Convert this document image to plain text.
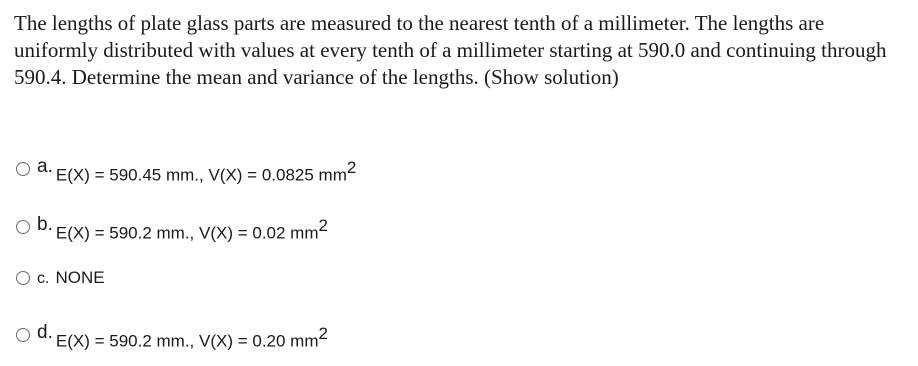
The lengths of plate glass parts are measured to the nearest tenth of a millimeter. The lengths are uniformly distributed with values at every tenth of a millimeter starting at 590.0 and continuing through 590.4. Determine the mean and variance of the lengths. (Show solution)
a. E(X) = 590.45 mm., V(X) = 0.0825 $mm^2$
b. E(X) = 590.2 mm., V(X) = 0.02 $mm^2$
c. NONE
d. E(X) = 590.2 mm., V(X) = 0.20 $mm^2$
